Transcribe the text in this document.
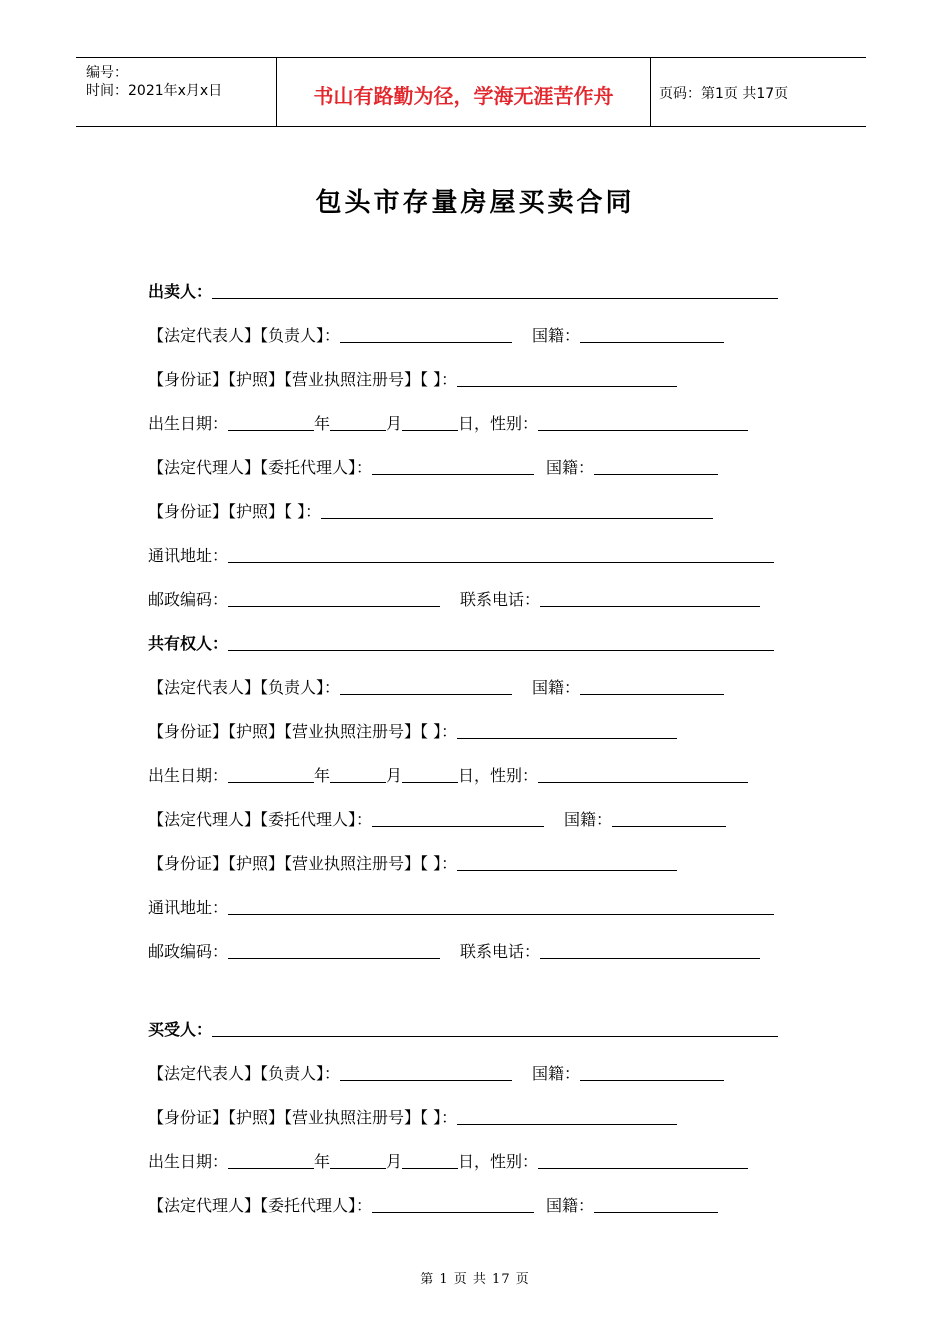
编号：
时间：2021年x月x日	书山有路勤为径，学海无涯苦作舟	页码：第1页 共17页
包头市存量房屋买卖合同
出卖人：
【法定代表人】【负责人】：	国籍：
【身份证】【护照】【营业执照注册号】【 】：
出生日期：	年	月	日，性别：
【法定代理人】【委托代理人】：	国籍：
【身份证】【护照】【 】：
通讯地址：
邮政编码：	联系电话：
共有权人：
【法定代表人】【负责人】：	国籍：
【身份证】【护照】【营业执照注册号】【 】：
出生日期：	年	月	日，性别：
【法定代理人】【委托代理人】：	国籍：
【身份证】【护照】【营业执照注册号】【 】：
通讯地址：
邮政编码：	联系电话：
买受人：
【法定代表人】【负责人】：	国籍：
【身份证】【护照】【营业执照注册号】【 】：
出生日期：	年	月	日，性别：
【法定代理人】【委托代理人】：	国籍：
第 1 页 共 17 页
